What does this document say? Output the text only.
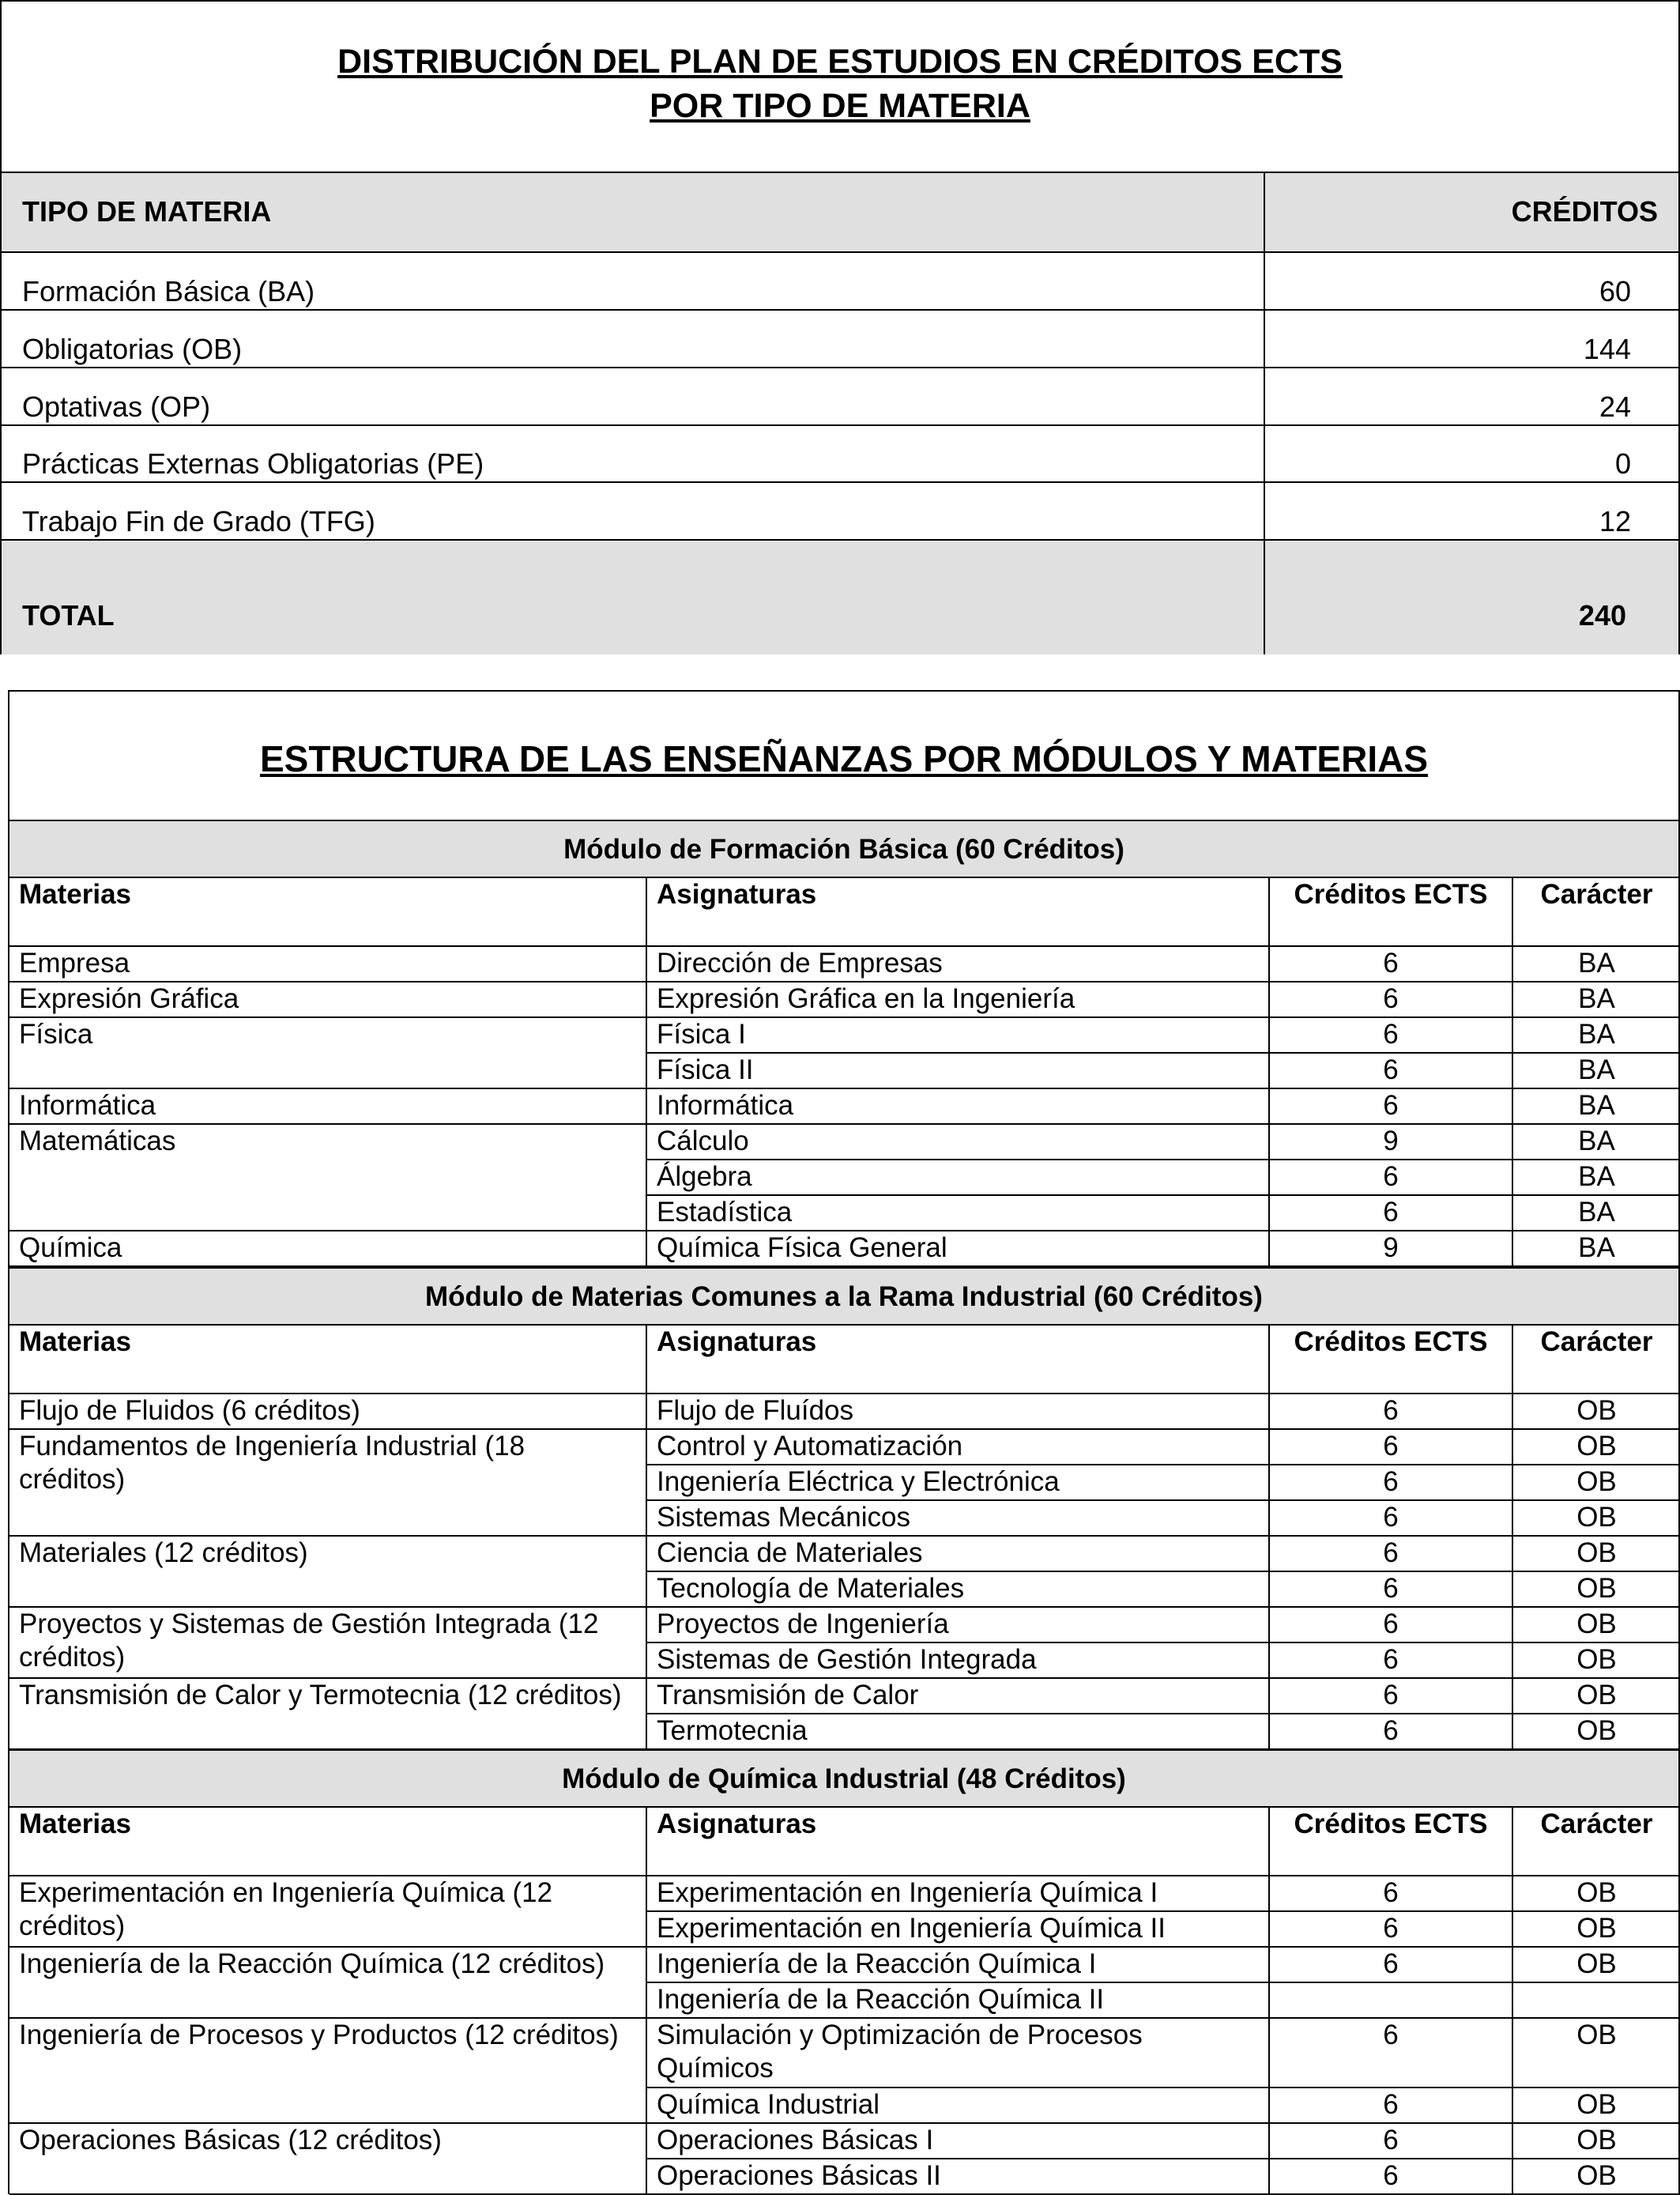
DISTRIBUCIÓN DEL PLAN DE ESTUDIOS EN CRÉDITOS ECTS
POR TIPO DE MATERIA
TIPO DE MATERIA	CRÉDITOS
Formación Básica (BA)	60
Obligatorias (OB)	144
Optativas (OP)	24
Prácticas Externas Obligatorias (PE)	0
Trabajo Fin de Grado (TFG)	12
TOTAL	240
ESTRUCTURA DE LAS ENSEÑANZAS POR MÓDULOS Y MATERIAS
Módulo de Formación Básica (60 Créditos)
Materias	Asignaturas	Créditos ECTS	Carácter
Empresa	Dirección de Empresas	6	BA
Expresión Gráfica	Expresión Gráfica en la Ingeniería	6	BA
Física	Física I	6	BA
	Física II	6	BA
Informática	Informática	6	BA
Matemáticas	Cálculo	9	BA
	Álgebra	6	BA
	Estadística	6	BA
Química	Química Física General	9	BA
Módulo de Materias Comunes a la Rama Industrial (60 Créditos)
Materias	Asignaturas	Créditos ECTS	Carácter
Flujo de Fluidos (6 créditos)	Flujo de Fluídos	6	OB
Fundamentos de Ingeniería Industrial (18 créditos)	Control y Automatización	6	OB
	Ingeniería Eléctrica y Electrónica	6	OB
	Sistemas Mecánicos	6	OB
Materiales (12 créditos)	Ciencia de Materiales	6	OB
	Tecnología de Materiales	6	OB
Proyectos y Sistemas de Gestión Integrada (12 créditos)	Proyectos de Ingeniería	6	OB
	Sistemas de Gestión Integrada	6	OB
Transmisión de Calor y Termotecnia (12 créditos)	Transmisión de Calor	6	OB
	Termotecnia	6	OB
Módulo de Química Industrial (48 Créditos)
Materias	Asignaturas	Créditos ECTS	Carácter
Experimentación en Ingeniería Química (12 créditos)	Experimentación en Ingeniería Química I	6	OB
	Experimentación en Ingeniería Química II	6	OB
Ingeniería de la Reacción Química (12 créditos)	Ingeniería de la Reacción Química I	6	OB
	Ingeniería de la Reacción Química II		
Ingeniería de Procesos y Productos (12 créditos)	Simulación y Optimización de Procesos Químicos	6	OB
	Química Industrial	6	OB
Operaciones Básicas (12 créditos)	Operaciones Básicas I	6	OB
	Operaciones Básicas II	6	OB
